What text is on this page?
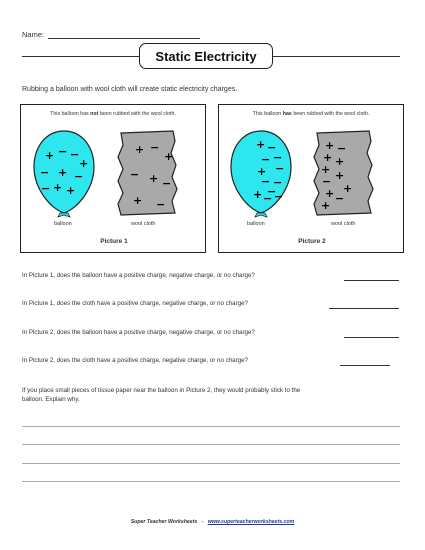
Name:
Static Electricity
Rubbing a balloon with wool cloth will create static electricity charges.
This balloon has not been rubbed with the wool cloth.
+ − −
+
− + −
− + +
+ −
+
− + −
+ −
balloon	wool cloth
Picture 1
This balloon has been rubbed with the wool cloth.
+ −
−
−
−
+
− −
−
+ − −
+ −
+ +
+ +
−
+
+ −
+
balloon	wool cloth
Picture 2
In Picture 1, does the balloon have a positive charge, negative charge, or no charge?
In Picture 1, does the cloth have a positive charge, negative charge, or no charge?
In Picture 2, does the balloon have a positive charge, negative charge, or no charge?
In Picture 2, does the cloth have a positive charge, negative charge, or no charge?
If you place small pieces of tissue paper near the balloon in Picture 2, they would probably stick to the
balloon. Explain why.
Super Teacher Worksheets - www.superteacherworksheets.com
